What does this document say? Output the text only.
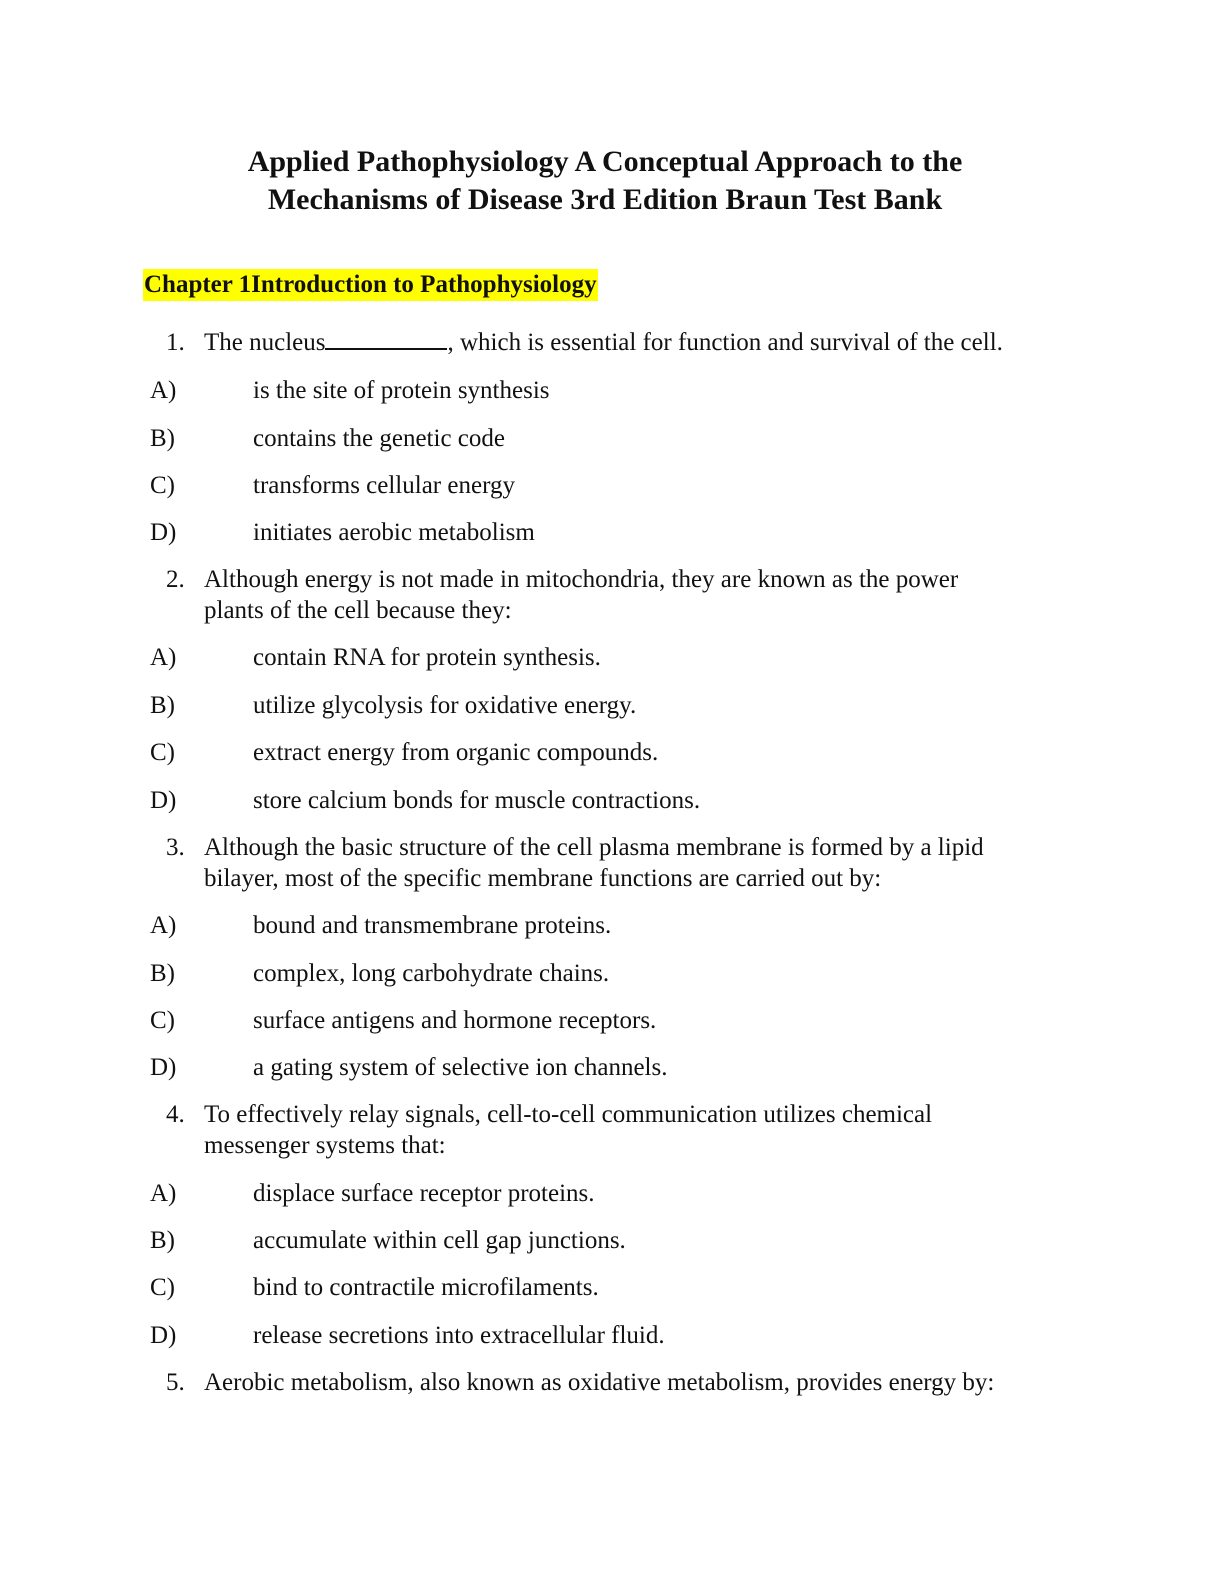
Applied Pathophysiology A Conceptual Approach to the
Mechanisms of Disease 3rd Edition Braun Test Bank
Chapter 1Introduction to Pathophysiology
1. The nucleus	, which is essential for function and survival of the cell.
A)	is the site of protein synthesis
B)	contains the genetic code
C)	transforms cellular energy
D)	initiates aerobic metabolism
2. Although energy is not made in mitochondria, they are known as the power
plants of the cell because they:
A)	contain RNA for protein synthesis.
B)	utilize glycolysis for oxidative energy.
C)	extract energy from organic compounds.
D)	store calcium bonds for muscle contractions.
3. Although the basic structure of the cell plasma membrane is formed by a lipid
bilayer, most of the specific membrane functions are carried out by:
A)	bound and transmembrane proteins.
B)	complex, long carbohydrate chains.
C)	surface antigens and hormone receptors.
D)	a gating system of selective ion channels.
4. To effectively relay signals, cell-to-cell communication utilizes chemical
messenger systems that:
A)	displace surface receptor proteins.
B)	accumulate within cell gap junctions.
C)	bind to contractile microfilaments.
D)	release secretions into extracellular fluid.
5. Aerobic metabolism, also known as oxidative metabolism, provides energy by:
